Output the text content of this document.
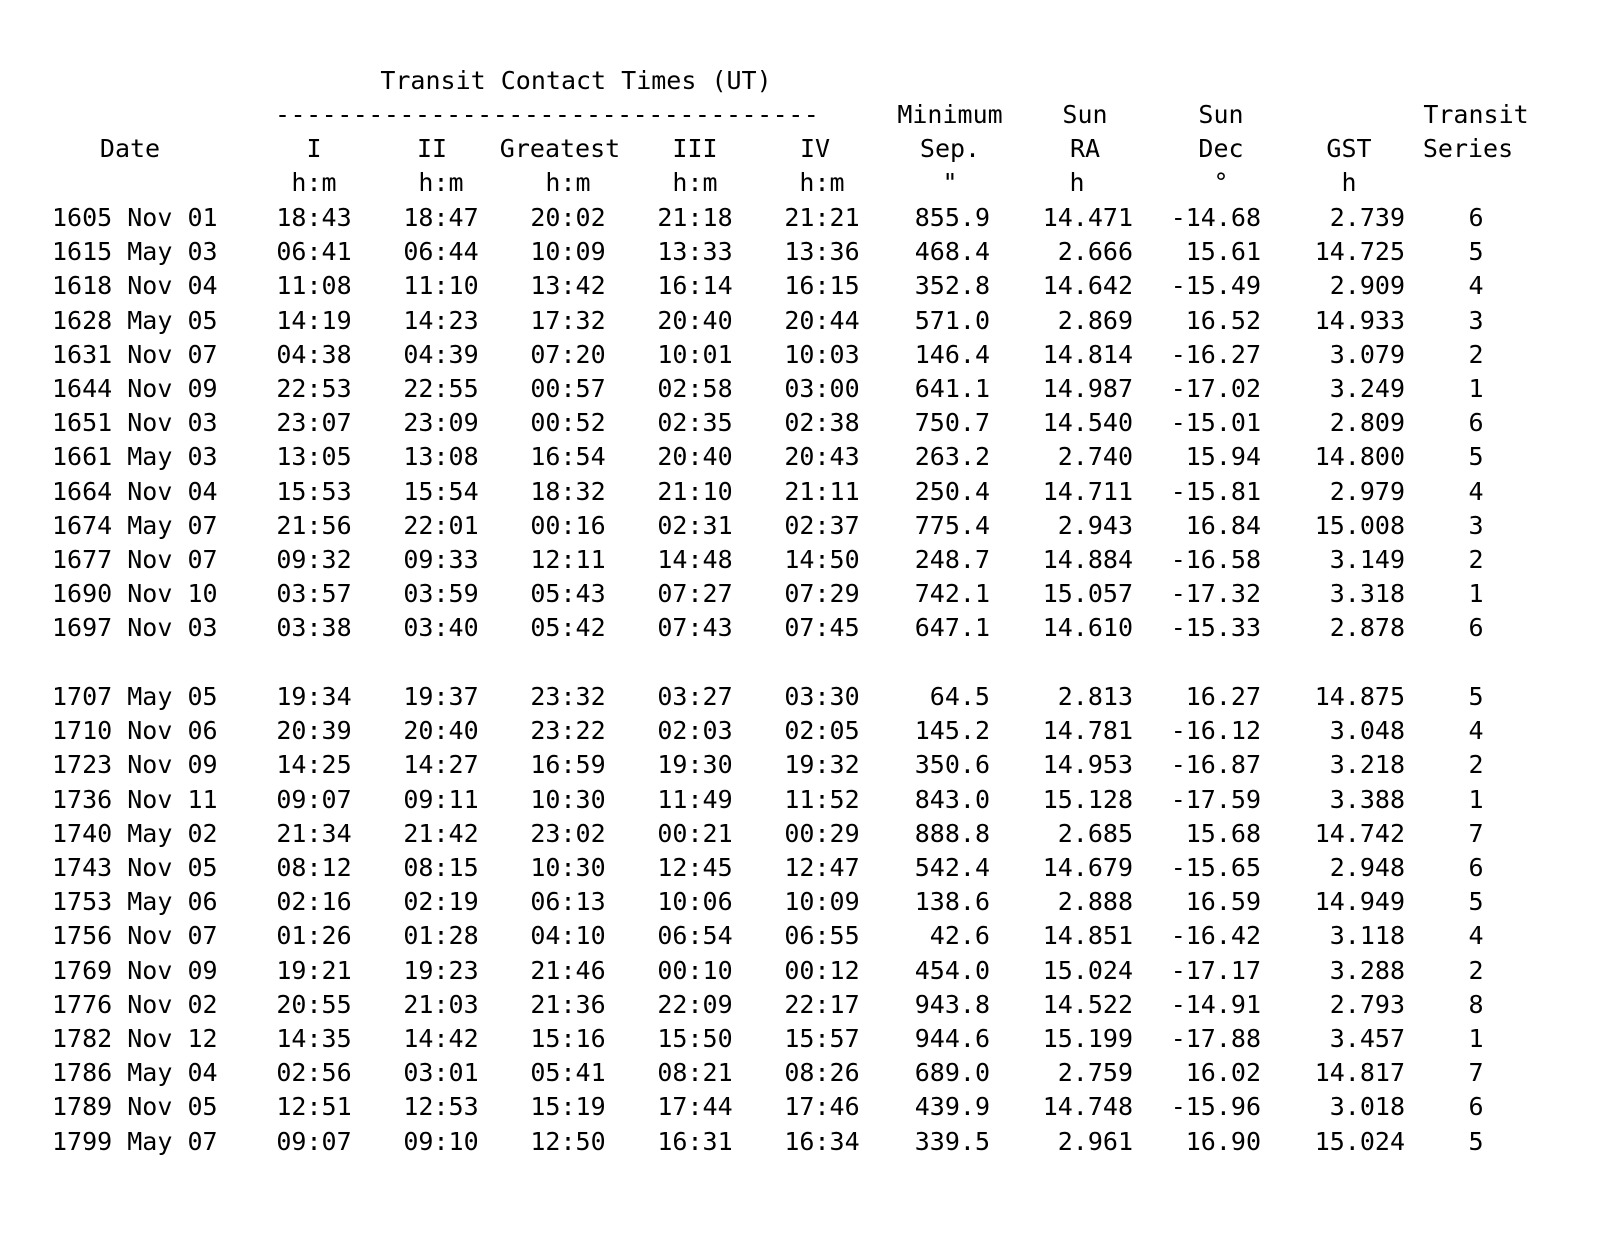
Transit Contact Times (UT)
-----------------------------------	Minimum Sun	Sun	Transit
Date	I	II Greatest III	IV	Sep.	RA	Dec	GST Series
h:m	h:m	h:m	h:m	h:m	"	h	°	h
1605 Nov 01 18:43 18:47 20:02 21:18 21:21 855.9 14.471 -14.68	2.739	6
1615 May 03 06:41 06:44 10:09 13:33 13:36 468.4	2.666 15.61 14.725	5
1618 Nov 04 11:08 11:10 13:42 16:14 16:15 352.8 14.642 -15.49	2.909	4
1628 May 05 14:19 14:23 17:32 20:40 20:44 571.0	2.869 16.52 14.933	3
1631 Nov 07 04:38 04:39 07:20 10:01 10:03 146.4 14.814 -16.27	3.079	2
1644 Nov 09 22:53 22:55 00:57 02:58 03:00 641.1 14.987 -17.02	3.249	1
1651 Nov 03 23:07 23:09 00:52 02:35 02:38 750.7 14.540 -15.01	2.809	6
1661 May 03 13:05 13:08 16:54 20:40 20:43 263.2	2.740 15.94 14.800	5
1664 Nov 04 15:53 15:54 18:32 21:10 21:11 250.4 14.711 -15.81	2.979	4
1674 May 07 21:56 22:01 00:16 02:31 02:37 775.4	2.943 16.84 15.008	3
1677 Nov 07 09:32 09:33 12:11 14:48 14:50 248.7 14.884 -16.58	3.149	2
1690 Nov 10 03:57 03:59 05:43 07:27 07:29 742.1 15.057 -17.32	3.318	1
1697 Nov 03 03:38 03:40 05:42 07:43 07:45 647.1 14.610 -15.33	2.878	6
1707 May 05 19:34 19:37 23:32 03:27 03:30	64.5	2.813 16.27 14.875	5
1710 Nov 06 20:39 20:40 23:22 02:03 02:05 145.2 14.781 -16.12	3.048	4
1723 Nov 09 14:25 14:27 16:59 19:30 19:32 350.6 14.953 -16.87	3.218	2
1736 Nov 11 09:07 09:11 10:30 11:49 11:52 843.0 15.128 -17.59	3.388	1
1740 May 02 21:34 21:42 23:02 00:21 00:29 888.8	2.685 15.68 14.742	7
1743 Nov 05 08:12 08:15 10:30 12:45 12:47 542.4 14.679 -15.65	2.948	6
1753 May 06 02:16 02:19 06:13 10:06 10:09 138.6	2.888 16.59 14.949	5
1756 Nov 07 01:26 01:28 04:10 06:54 06:55	42.6 14.851 -16.42	3.118	4
1769 Nov 09 19:21 19:23 21:46 00:10 00:12 454.0 15.024 -17.17	3.288	2
1776 Nov 02 20:55 21:03 21:36 22:09 22:17 943.8 14.522 -14.91	2.793	8
1782 Nov 12 14:35 14:42 15:16 15:50 15:57 944.6 15.199 -17.88	3.457	1
1786 May 04 02:56 03:01 05:41 08:21 08:26 689.0	2.759 16.02 14.817	7
1789 Nov 05 12:51 12:53 15:19 17:44 17:46 439.9 14.748 -15.96	3.018	6
1799 May 07 09:07 09:10 12:50 16:31 16:34 339.5	2.961 16.90 15.024	5
